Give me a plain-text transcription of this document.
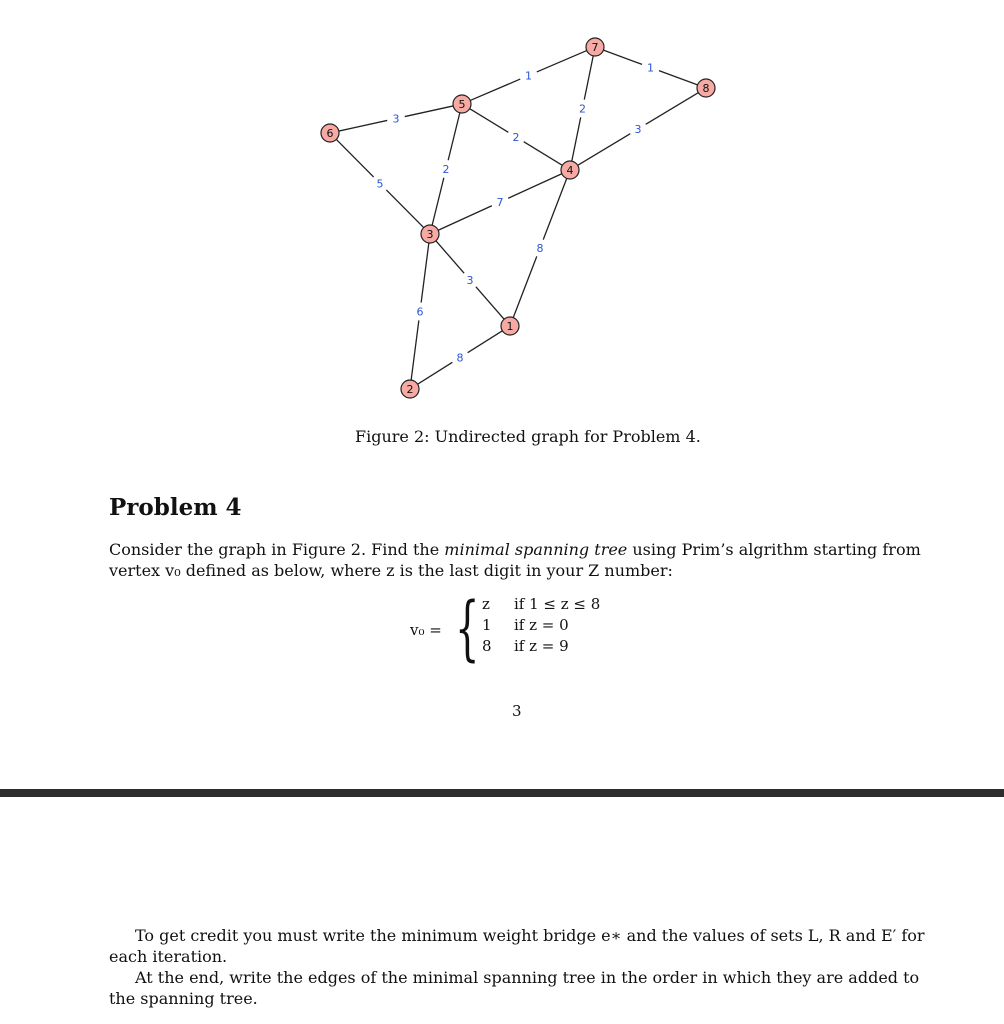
3
5
2
1
2
2
1
3
7
8
3
6
8
1
2
3
4
5
6
7
8
Figure 2: Undirected graph for Problem 4.
Problem 4
Consider the graph in Figure 2. Find the minimal spanning tree using Prim’s algrithm starting from vertex v₀ defined as below, where z is the last digit in your Z number:
v₀ = { z if 1 ≤ z ≤ 8
1 if z = 0
8 if z = 9
3

To get credit you must write the minimum weight bridge e∗ and the values of sets L, R and E′ for each iteration.

At the end, write the edges of the minimal spanning tree in the order in which they are added to the spanning tree.
